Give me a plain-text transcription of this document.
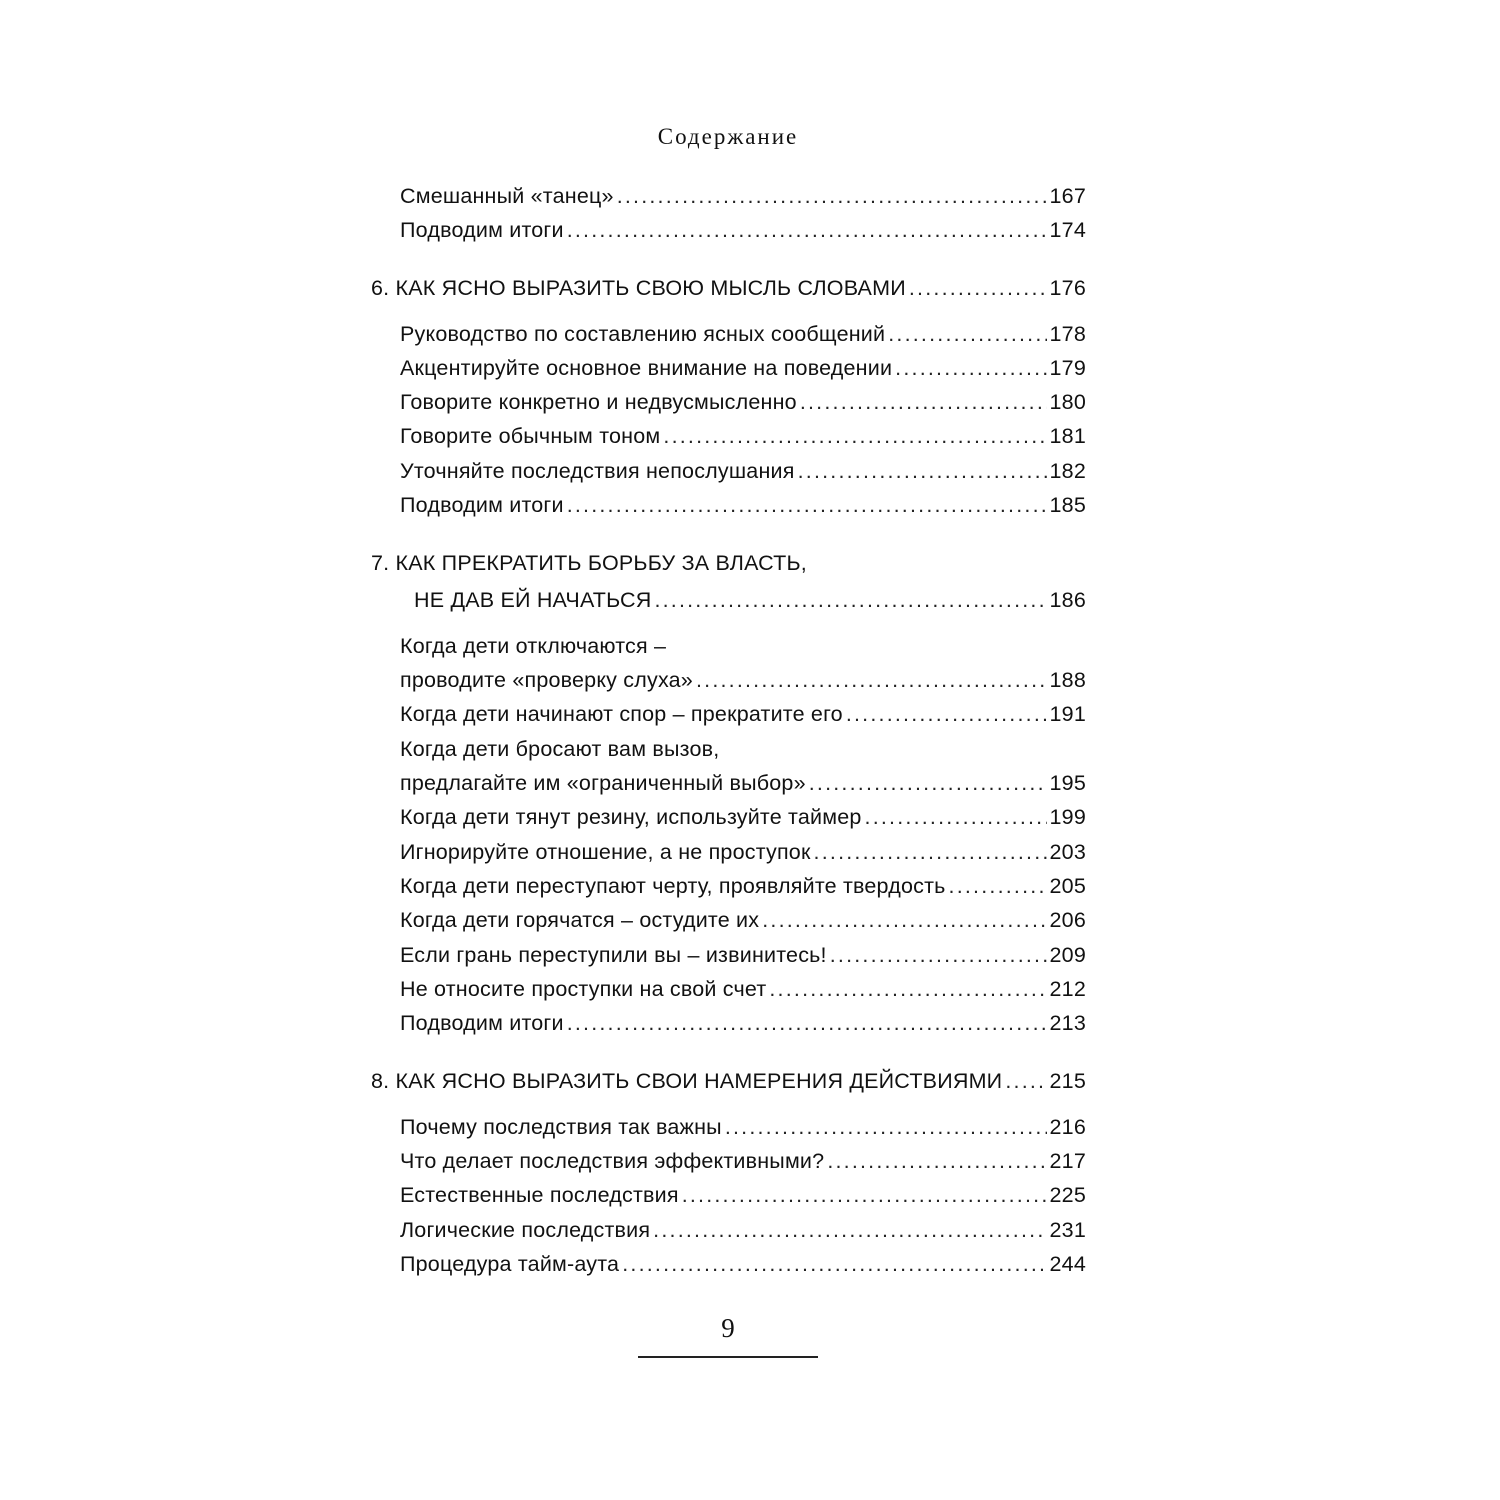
Содержание
Смешанный «танец» .....	167
Подводим итоги .....	174
6. КАК ЯСНО ВЫРАЗИТЬ СВОЮ МЫСЛЬ СЛОВАМИ .....	176
Руководство по составлению ясных сообщений .....	178
Акцентируйте основное внимание на поведении .....	179
Говорите конкретно и недвусмысленно .....	180
Говорите обычным тоном .....	181
Уточняйте последствия непослушания .....	182
Подводим итоги .....	185
7. КАК ПРЕКРАТИТЬ БОРЬБУ ЗА ВЛАСТЬ,
НЕ ДАВ ЕЙ НАЧАТЬСЯ .....	186
Когда дети отключаются –
проводите «проверку слуха» .....	188
Когда дети начинают спор – прекратите его .....	191
Когда дети бросают вам вызов,
предлагайте им «ограниченный выбор» .....	195
Когда дети тянут резину, используйте таймер .....	199
Игнорируйте отношение, а не проступок .....	203
Когда дети переступают черту, проявляйте твердость .....	205
Когда дети горячатся – остудите их .....	206
Если грань переступили вы – извинитесь! .....	209
Не относите проступки на свой счет .....	212
Подводим итоги .....	213
8. КАК ЯСНО ВЫРАЗИТЬ СВОИ НАМЕРЕНИЯ ДЕЙСТВИЯМИ ..... 215
Почему последствия так важны .....	216
Что делает последствия эффективными? .....	217
Естественные последствия .....	225
Логические последствия .....	231
Процедура тайм-аута .....	244
9
